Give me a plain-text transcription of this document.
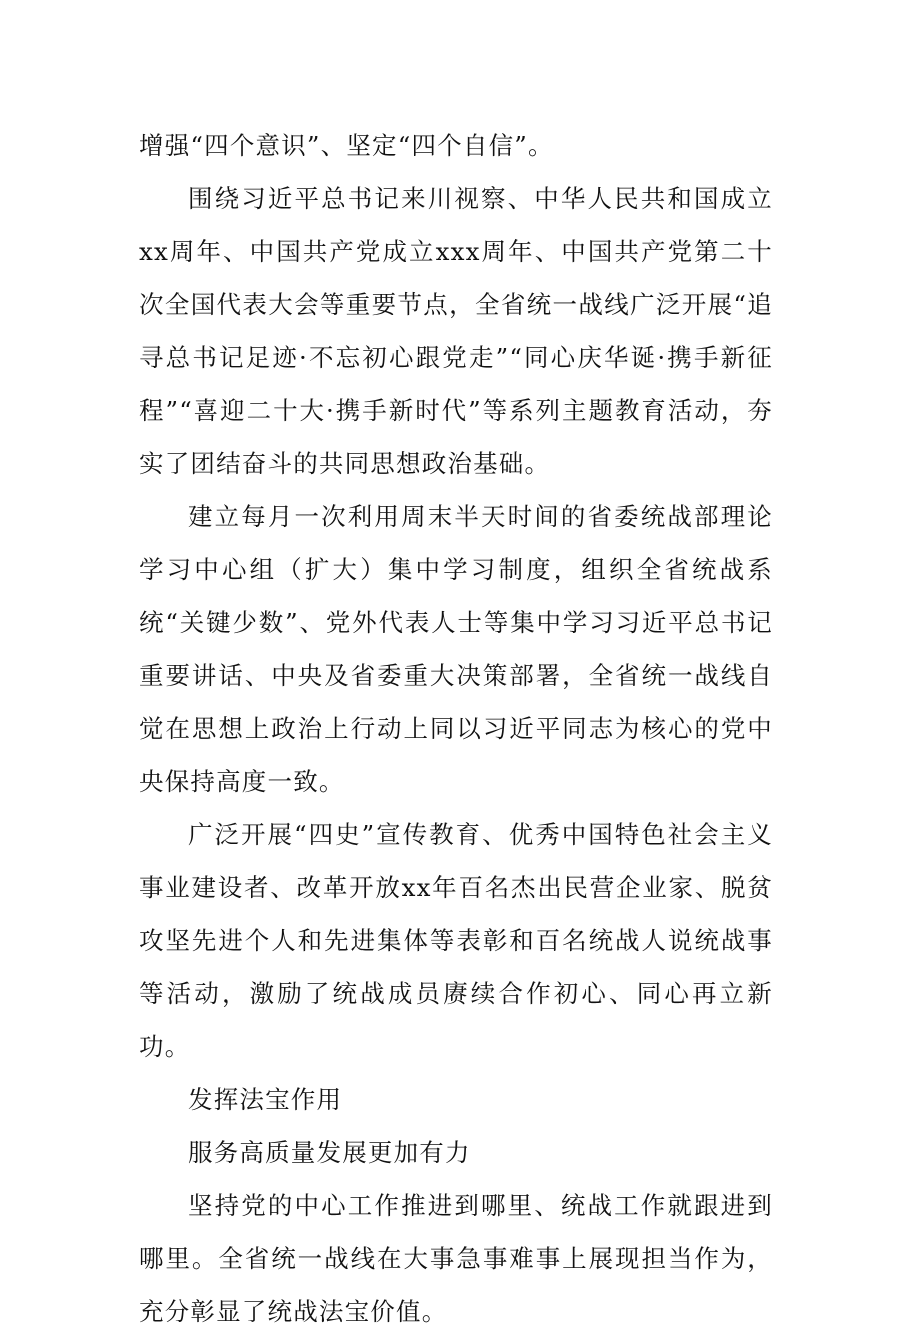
增强“四个意识”、坚定“四个自信”。

围绕习近平总书记来川视察、中华人民共和国成立xx周年、中国共产党成立xxx周年、中国共产党第二十次全国代表大会等重要节点，全省统一战线广泛开展“追寻总书记足迹·不忘初心跟党走”“同心庆华诞·携手新征程”“喜迎二十大·携手新时代”等系列主题教育活动，夯实了团结奋斗的共同思想政治基础。

建立每月一次利用周末半天时间的省委统战部理论学习中心组（扩大）集中学习制度，组织全省统战系统“关键少数”、党外代表人士等集中学习习近平总书记重要讲话、中央及省委重大决策部署，全省统一战线自觉在思想上政治上行动上同以习近平同志为核心的党中央保持高度一致。

广泛开展“四史”宣传教育、优秀中国特色社会主义事业建设者、改革开放xx年百名杰出民营企业家、脱贫攻坚先进个人和先进集体等表彰和百名统战人说统战事等活动，激励了统战成员赓续合作初心、同心再立新功。

发挥法宝作用

服务高质量发展更加有力

坚持党的中心工作推进到哪里、统战工作就跟进到哪里。全省统一战线在大事急事难事上展现担当作为，充分彰显了统战法宝价值。
